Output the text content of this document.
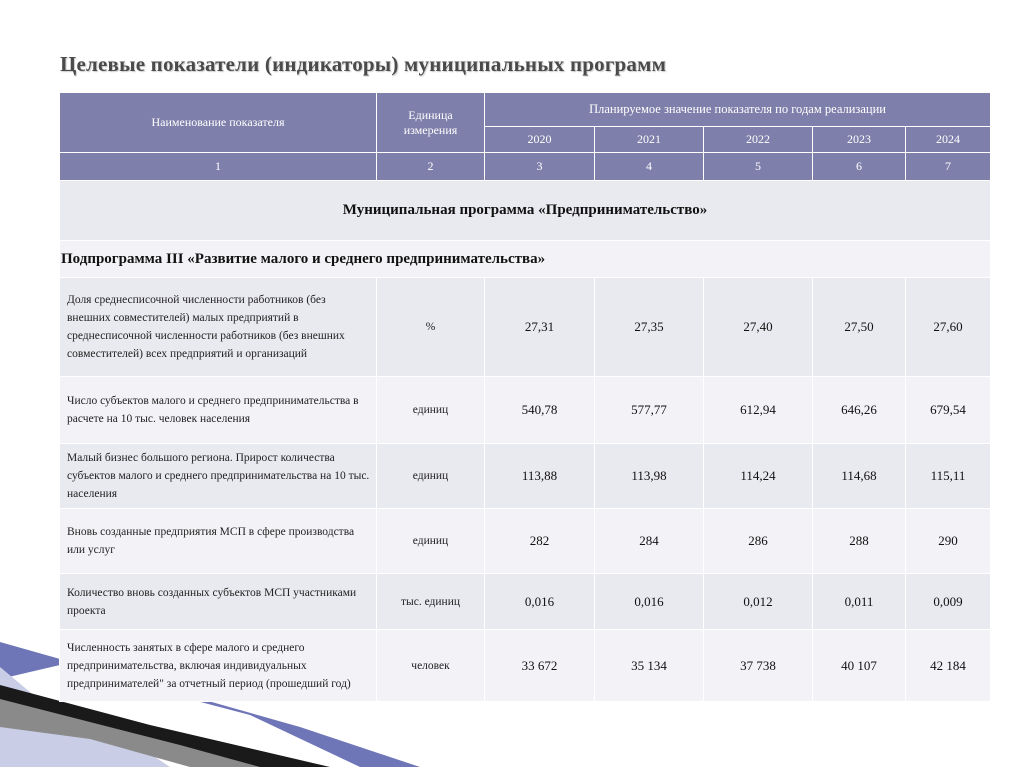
Целевые показатели (индикаторы) муниципальных программ
Наименование показателя	Единица измерения	Планируемое значение показателя по годам реализации				
		2020	2021	2022	2023	2024
1	2	3	4	5	6	7
Муниципальная программа «Предпринимательство»						
Подпрограмма III «Развитие малого и среднего предпринимательства»						
Доля среднесписочной численности работников (без внешних совместителей) малых предприятий в среднесписочной численности работников (без внешних совместителей) всех предприятий и организаций	%	27,31	27,35	27,40	27,50	27,60
Число субъектов малого и среднего предпринимательства в расчете на 10 тыс. человек населения	единиц	540,78	577,77	612,94	646,26	679,54
Малый бизнес большого региона. Прирост количества субъектов малого и среднего предпринимательства на 10 тыс. населения	единиц	113,88	113,98	114,24	114,68	115,11
Вновь созданные предприятия МСП в сфере производства или услуг	единиц	282	284	286	288	290
Количество вновь созданных субъектов МСП участниками проекта	тыс. единиц	0,016	0,016	0,012	0,011	0,009
Численность занятых в сфере малого и среднего предпринимательства, включая индивидуальных предпринимателей" за отчетный период (прошедший год)	человек	33 672	35 134	37 738	40 107	42 184
